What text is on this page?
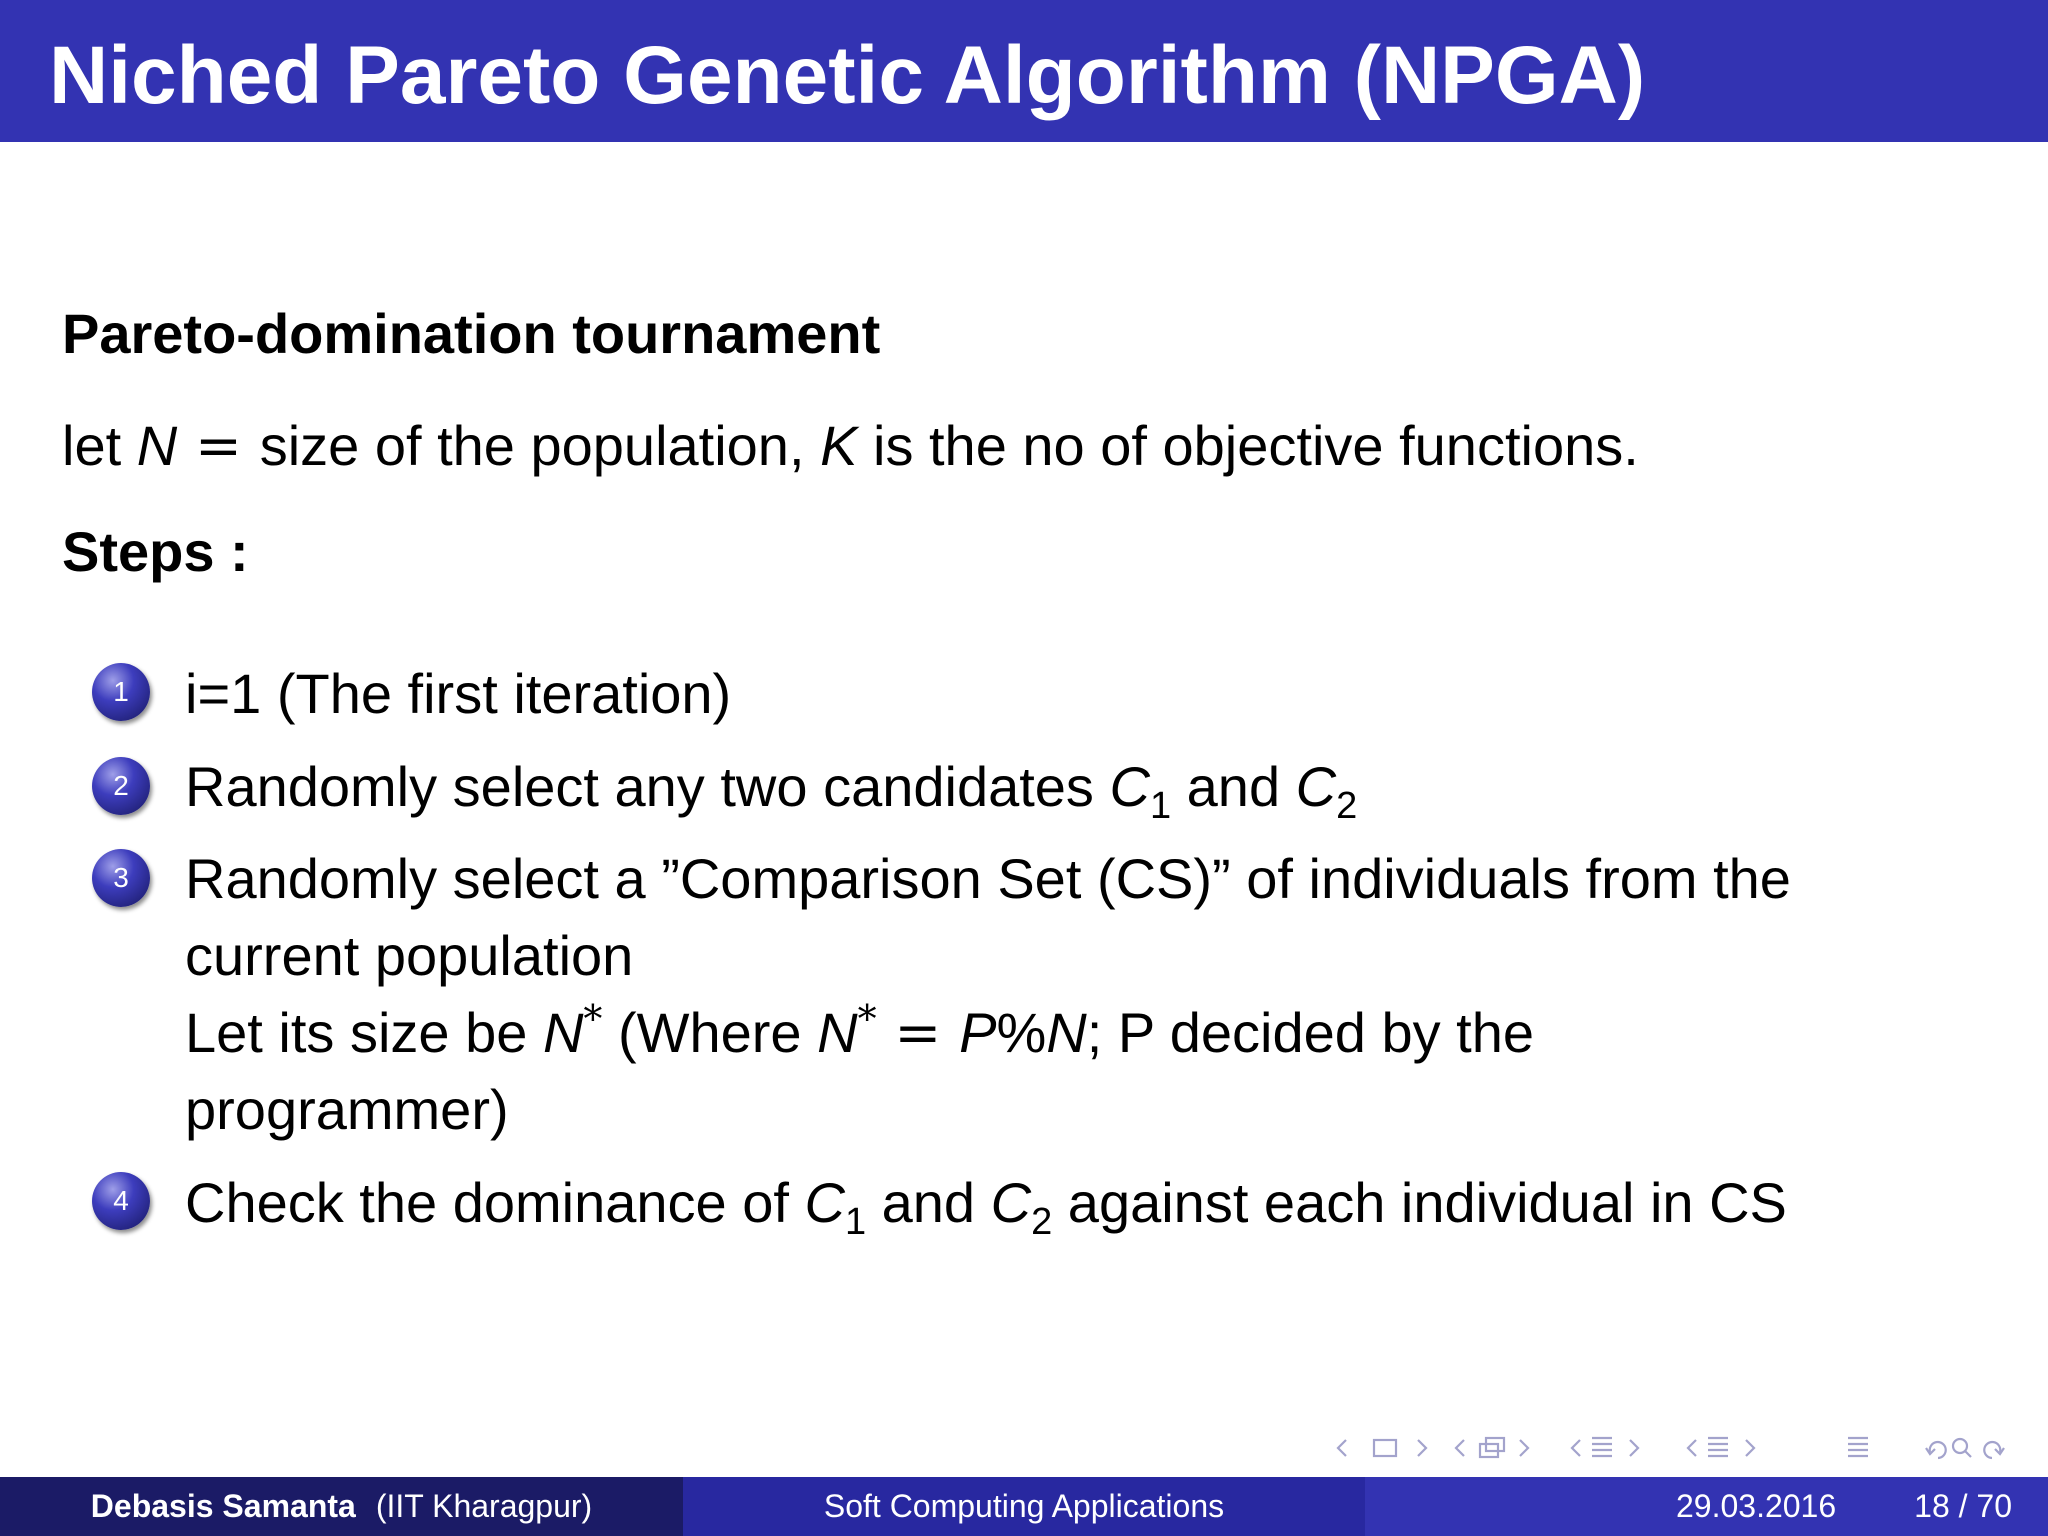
Niched Pareto Genetic Algorithm (NPGA)
Pareto-domination tournament
let N = size of the population, K is the no of objective functions.
Steps :
1	i=1 (The first iteration)
2	Randomly select any two candidates $C_1$ and $C_2$
3	Randomly select a ”Comparison Set (CS)” of individuals from the
current population
Let its size be N* (Where N* = P%N; P decided by the
programmer)
4	Check the dominance of $C_1$ and $C_2$ against each individual in CS
Debasis Samanta (IIT Kharagpur)	Soft Computing Applications	29.03.2016 18 / 70
